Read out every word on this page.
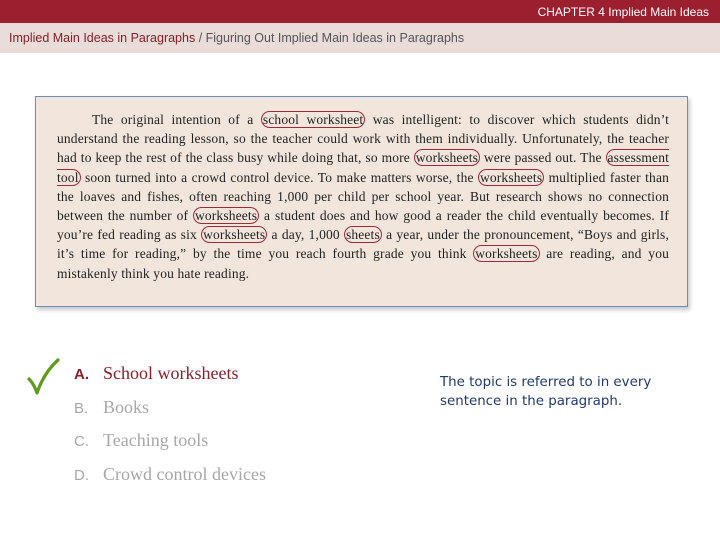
CHAPTER 4 Implied Main Ideas
Implied Main Ideas in Paragraphs / Figuring Out Implied Main Ideas in Paragraphs

The original intention of a school worksheet was intelligent: to discover which students didn’t understand the reading lesson, so the teacher could work with them individually. Unfortunately, the teacher had to keep the rest of the class busy while doing that, so more worksheets were passed out. The assessment tool soon turned into a crowd control device. To make matters worse, the worksheets multiplied faster than the loaves and fishes, often reaching 1,000 per child per school year. But research shows no connection between the number of worksheets a student does and how good a reader the child eventually becomes. If you’re fed reading as six worksheets a day, 1,000 sheets a year, under the pronouncement, “Boys and girls, it’s time for reading,” by the time you reach fourth grade you think worksheets are reading, and you mistakenly think you hate reading.

A. School worksheets
B. Books
C. Teaching tools
D. Crowd control devices
The topic is referred to in every sentence in the paragraph.
